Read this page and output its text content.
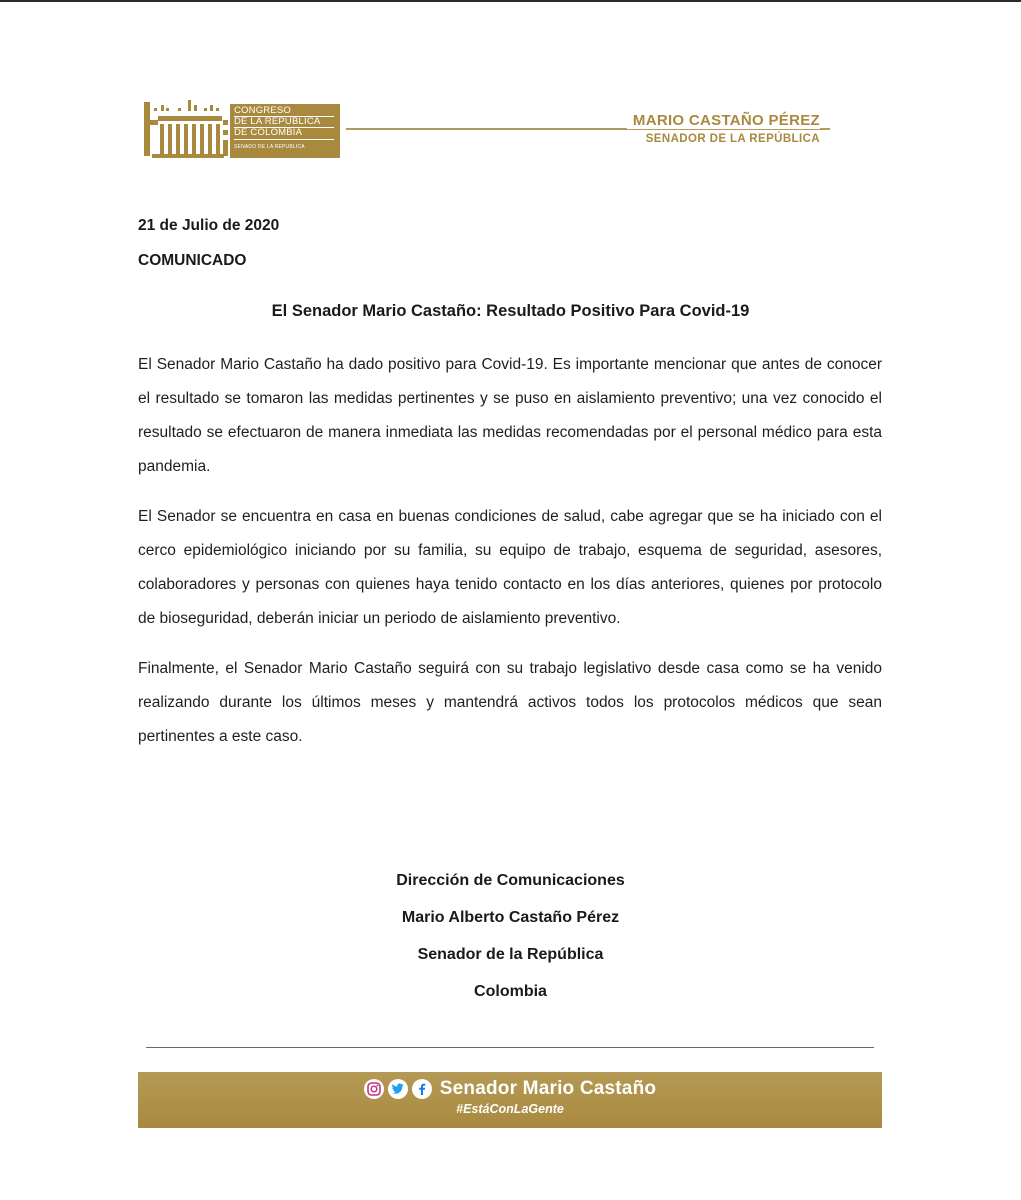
CONGRESO
DE LA REPUBLICA
DE COLOMBIA
SENADO DE LA REPUBLICA
MARIO CASTAÑO PÉREZ
SENADOR DE LA REPÚBLICA
21 de Julio de 2020
COMUNICADO
El Senador Mario Castaño: Resultado Positivo Para Covid-19

El Senador Mario Castaño ha dado positivo para Covid-19. Es importante mencionar que antes de conocer el resultado se tomaron las medidas pertinentes y se puso en aislamiento preventivo; una vez conocido el resultado se efectuaron de manera inmediata las medidas recomendadas por el personal médico para esta pandemia.

El Senador se encuentra en casa en buenas condiciones de salud, cabe agregar que se ha iniciado con el cerco epidemiológico iniciando por su familia, su equipo de trabajo, esquema de seguridad, asesores, colaboradores y personas con quienes haya tenido contacto en los días anteriores, quienes por protocolo de bioseguridad, deberán iniciar un periodo de aislamiento preventivo.

Finalmente, el Senador Mario Castaño seguirá con su trabajo legislativo desde casa como se ha venido realizando durante los últimos meses y mantendrá activos todos los protocolos médicos que sean pertinentes a este caso.

Dirección de Comunicaciones
Mario Alberto Castaño Pérez
Senador de la República
Colombia
Senador Mario Castaño
#EstáConLaGente
